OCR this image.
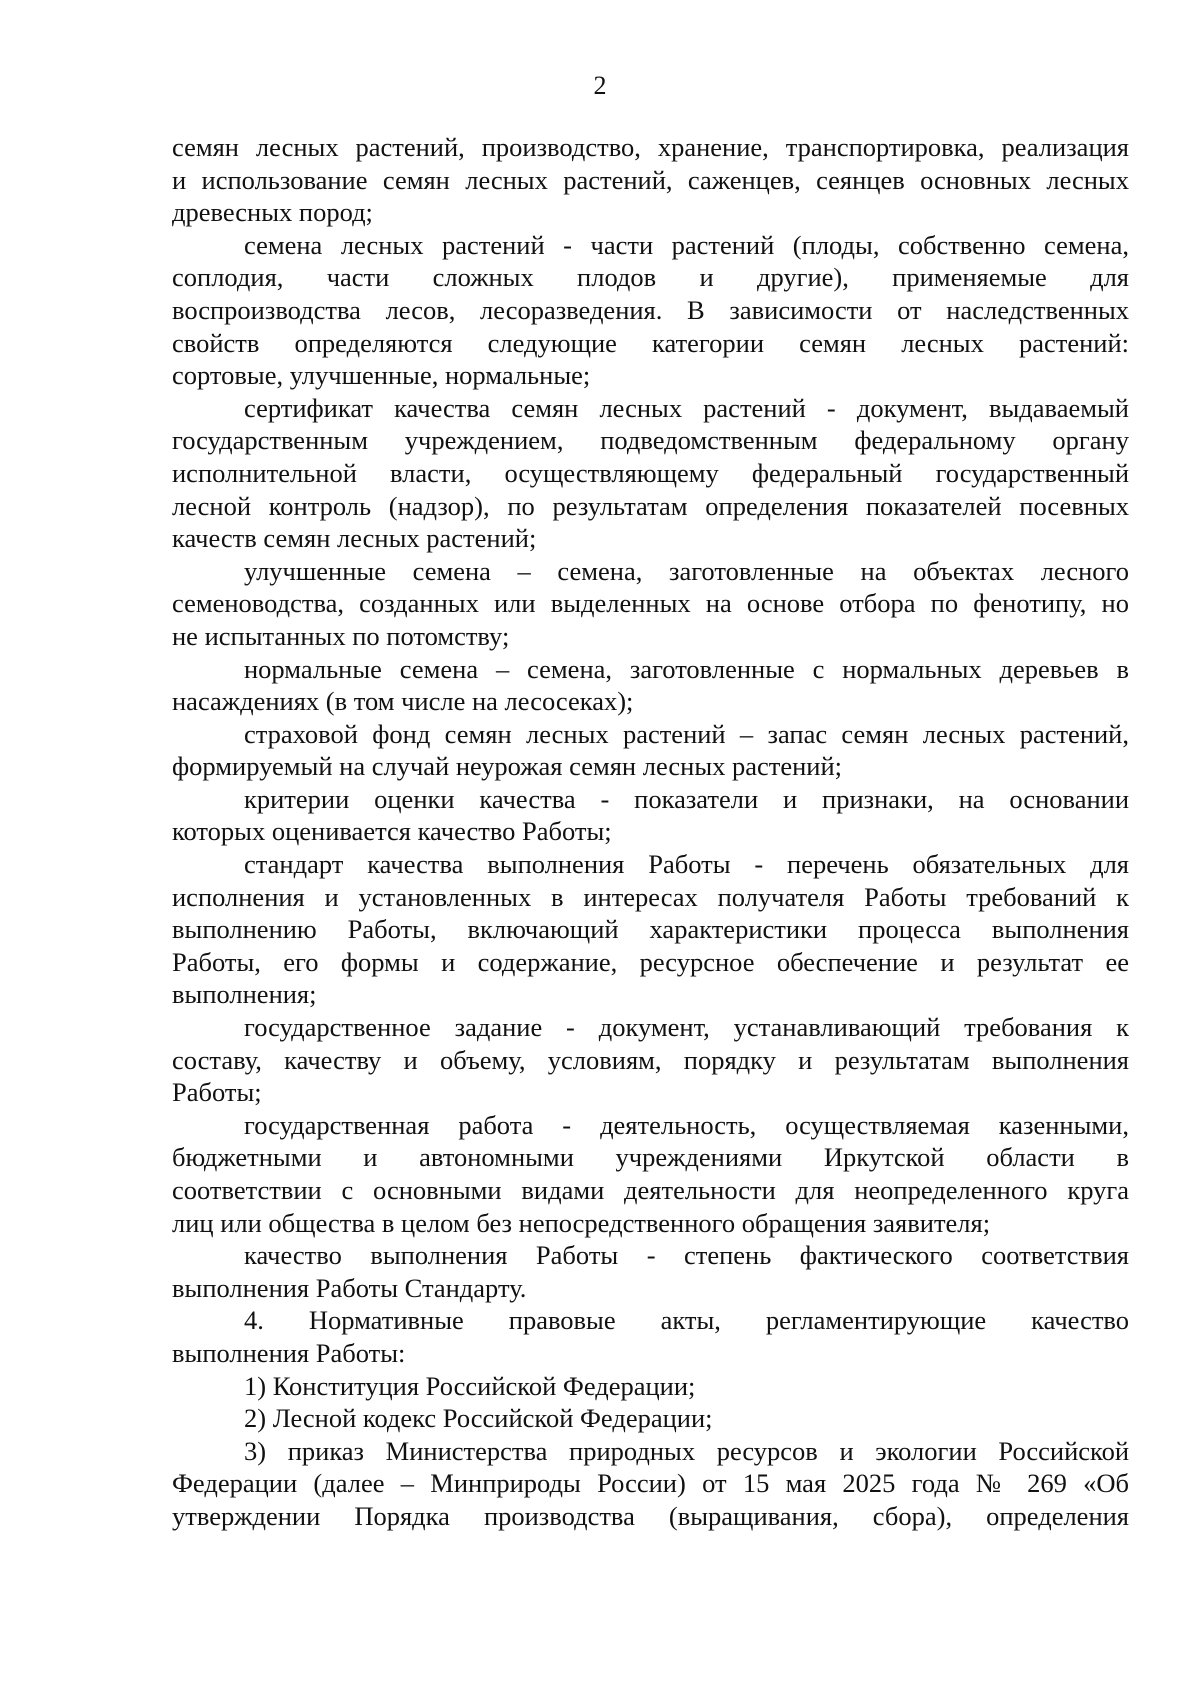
2
семян лесных растений, производство, хранение, транспортировка, реализация
и использование семян лесных растений, саженцев, сеянцев основных лесных
древесных пород;
семена лесных растений - части растений (плоды, собственно семена,
соплодия, части сложных плодов и другие), применяемые для
воспроизводства лесов, лесоразведения. В зависимости от наследственных
свойств определяются следующие категории семян лесных растений:
сортовые, улучшенные, нормальные;
сертификат качества семян лесных растений - документ, выдаваемый
государственным учреждением, подведомственным федеральному органу
исполнительной власти, осуществляющему федеральный государственный
лесной контроль (надзор), по результатам определения показателей посевных
качеств семян лесных растений;
улучшенные семена – семена, заготовленные на объектах лесного
семеноводства, созданных или выделенных на основе отбора по фенотипу, но
не испытанных по потомству;
нормальные семена – семена, заготовленные с нормальных деревьев в
насаждениях (в том числе на лесосеках);
страховой фонд семян лесных растений – запас семян лесных растений,
формируемый на случай неурожая семян лесных растений;
критерии оценки качества - показатели и признаки, на основании
которых оценивается качество Работы;
стандарт качества выполнения Работы - перечень обязательных для
исполнения и установленных в интересах получателя Работы требований к
выполнению Работы, включающий характеристики процесса выполнения
Работы, его формы и содержание, ресурсное обеспечение и результат ее
выполнения;
государственное задание - документ, устанавливающий требования к
составу, качеству и объему, условиям, порядку и результатам выполнения
Работы;
государственная работа - деятельность, осуществляемая казенными,
бюджетными и автономными учреждениями Иркутской области в
соответствии с основными видами деятельности для неопределенного круга
лиц или общества в целом без непосредственного обращения заявителя;
качество выполнения Работы - степень фактического соответствия
выполнения Работы Стандарту.
4. Нормативные правовые акты, регламентирующие качество
выполнения Работы:
1) Конституция Российской Федерации;
2) Лесной кодекс Российской Федерации;
3) приказ Министерства природных ресурсов и экологии Российской
Федерации (далее – Минприроды России) от 15 мая 2025 года № 269 «Об
утверждении Порядка производства (выращивания, сбора), определения
